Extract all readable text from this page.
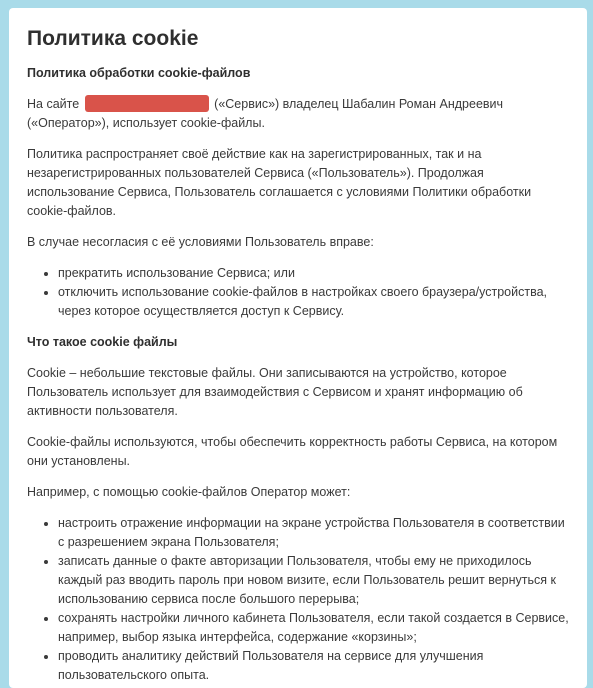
Политика cookie
Политика обработки cookie-файлов

На сайте	(«Сервис») владелец Шабалин Роман Андреевич («Оператор»), использует cookie-файлы.

Политика распространяет своё действие как на зарегистрированных, так и на незарегистрированных пользователей Сервиса («Пользователь»). Продолжая использование Сервиса, Пользователь соглашается с условиями Политики обработки cookie-файлов.

В случае несогласия с её условиями Пользователь вправе:

• прекратить использование Сервиса; или
• отключить использование cookie-файлов в настройках своего браузера/устройства, через которое осуществляется доступ к Сервису.
Что такое cookie файлы

Cookie – небольшие текстовые файлы. Они записываются на устройство, которое Пользователь использует для взаимодействия с Сервисом и хранят информацию об активности пользователя.

Cookie-файлы используются, чтобы обеспечить корректность работы Сервиса, на котором они установлены.

Например, с помощью cookie-файлов Оператор может:

• настроить отражение информации на экране устройства Пользователя в соответствии с разрешением экрана Пользователя;
• записать данные о факте авторизации Пользователя, чтобы ему не приходилось каждый раз вводить пароль при новом визите, если Пользователь решит вернуться к использованию сервиса после большого перерыва;
• сохранять настройки личного кабинета Пользователя, если такой создается в Сервисе, например, выбор языка интерфейса, содержание «корзины»;
• проводить аналитику действий Пользователя на сервисе для улучшения пользовательского опыта.
